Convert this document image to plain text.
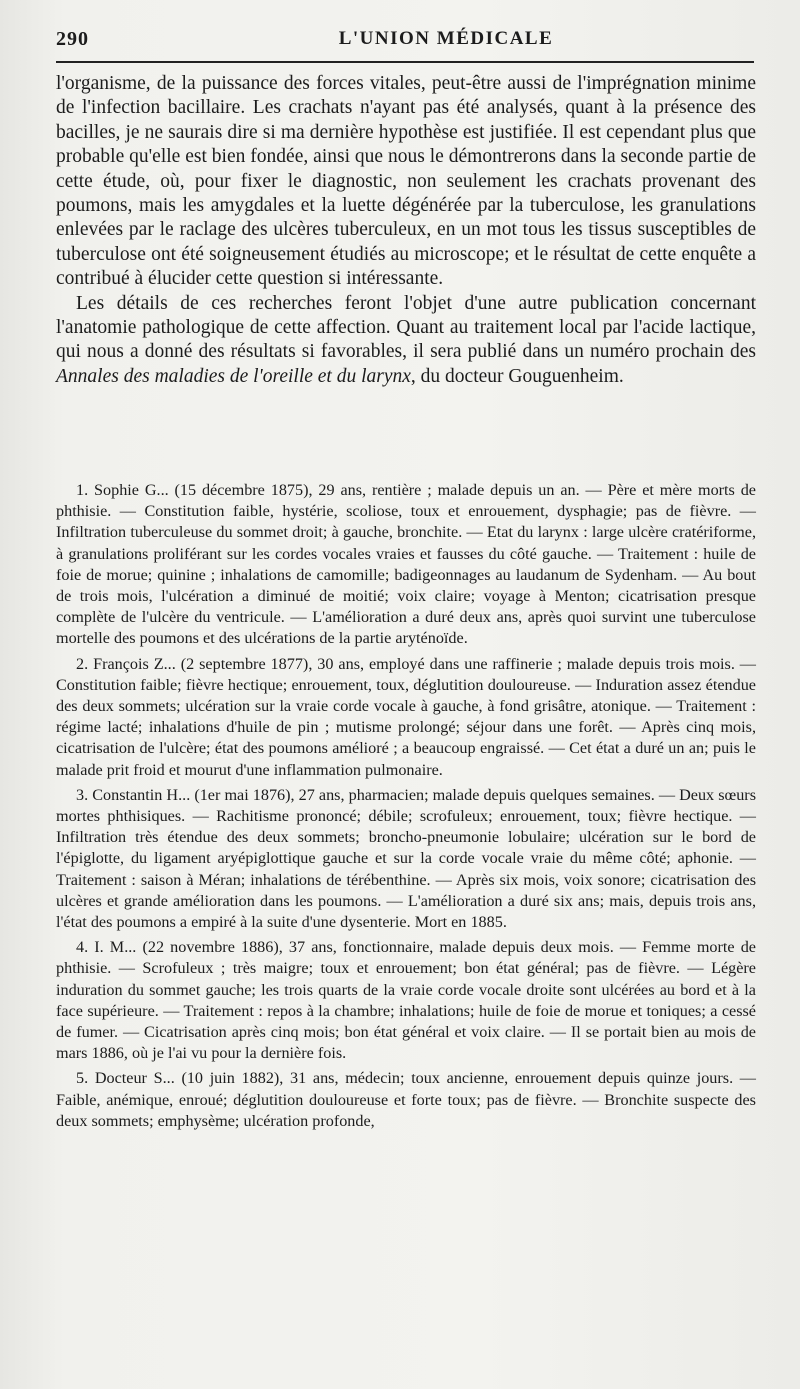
290	L'UNION MÉDICALE

l'organisme, de la puissance des forces vitales, peut-être aussi de l'imprégnation minime de l'infection bacillaire. Les crachats n'ayant pas été analysés, quant à la présence des bacilles, je ne saurais dire si ma dernière hypothèse est justifiée. Il est cependant plus que probable qu'elle est bien fondée, ainsi que nous le démontrerons dans la seconde partie de cette étude, où, pour fixer le diagnostic, non seulement les crachats provenant des poumons, mais les amygdales et la luette dégénérée par la tuberculose, les granulations enlevées par le raclage des ulcères tuberculeux, en un mot tous les tissus susceptibles de tuberculose ont été soigneusement étudiés au microscope; et le résultat de cette enquête a contribué à élucider cette question si intéressante.

Les détails de ces recherches feront l'objet d'une autre publication concernant l'anatomie pathologique de cette affection. Quant au traitement local par l'acide lactique, qui nous a donné des résultats si favorables, il sera publié dans un numéro prochain des Annales des maladies de l'oreille et du larynx, du docteur Gouguenheim.

1. Sophie G... (15 décembre 1875), 29 ans, rentière ; malade depuis un an. — Père et mère morts de phthisie. — Constitution faible, hystérie, scoliose, toux et enrouement, dysphagie; pas de fièvre. — Infiltration tuberculeuse du sommet droit; à gauche, bronchite. — Etat du larynx : large ulcère cratériforme, à granulations proliférant sur les cordes vocales vraies et fausses du côté gauche. — Traitement : huile de foie de morue; quinine ; inhalations de camomille; badigeonnages au laudanum de Sydenham. — Au bout de trois mois, l'ulcération a diminué de moitié; voix claire; voyage à Menton; cicatrisation presque complète de l'ulcère du ventricule. — L'amélioration a duré deux ans, après quoi survint une tuberculose mortelle des poumons et des ulcérations de la partie aryténoïde.

2. François Z... (2 septembre 1877), 30 ans, employé dans une raffinerie ; malade depuis trois mois. — Constitution faible; fièvre hectique; enrouement, toux, déglutition douloureuse. — Induration assez étendue des deux sommets; ulcération sur la vraie corde vocale à gauche, à fond grisâtre, atonique. — Traitement : régime lacté; inhalations d'huile de pin ; mutisme prolongé; séjour dans une forêt. — Après cinq mois, cicatrisation de l'ulcère; état des poumons amélioré ; a beaucoup engraissé. — Cet état a duré un an; puis le malade prit froid et mourut d'une inflammation pulmonaire.

3. Constantin H... (1er mai 1876), 27 ans, pharmacien; malade depuis quelques semaines. — Deux sœurs mortes phthisiques. — Rachitisme prononcé; débile; scrofuleux; enrouement, toux; fièvre hectique. — Infiltration très étendue des deux sommets; broncho-pneumonie lobulaire; ulcération sur le bord de l'épiglotte, du ligament aryépiglottique gauche et sur la corde vocale vraie du même côté; aphonie. — Traitement : saison à Méran; inhalations de térébenthine. — Après six mois, voix sonore; cicatrisation des ulcères et grande amélioration dans les poumons. — L'amélioration a duré six ans; mais, depuis trois ans, l'état des poumons a empiré à la suite d'une dysenterie. Mort en 1885.

4. I. M... (22 novembre 1886), 37 ans, fonctionnaire, malade depuis deux mois. — Femme morte de phthisie. — Scrofuleux ; très maigre; toux et enrouement; bon état général; pas de fièvre. — Légère induration du sommet gauche; les trois quarts de la vraie corde vocale droite sont ulcérées au bord et à la face supérieure. — Traitement : repos à la chambre; inhalations; huile de foie de morue et toniques; a cessé de fumer. — Cicatrisation après cinq mois; bon état général et voix claire. — Il se portait bien au mois de mars 1886, où je l'ai vu pour la dernière fois.

5. Docteur S... (10 juin 1882), 31 ans, médecin; toux ancienne, enrouement depuis quinze jours. — Faible, anémique, enroué; déglutition douloureuse et forte toux; pas de fièvre. — Bronchite suspecte des deux sommets; emphysème; ulcération profonde,
